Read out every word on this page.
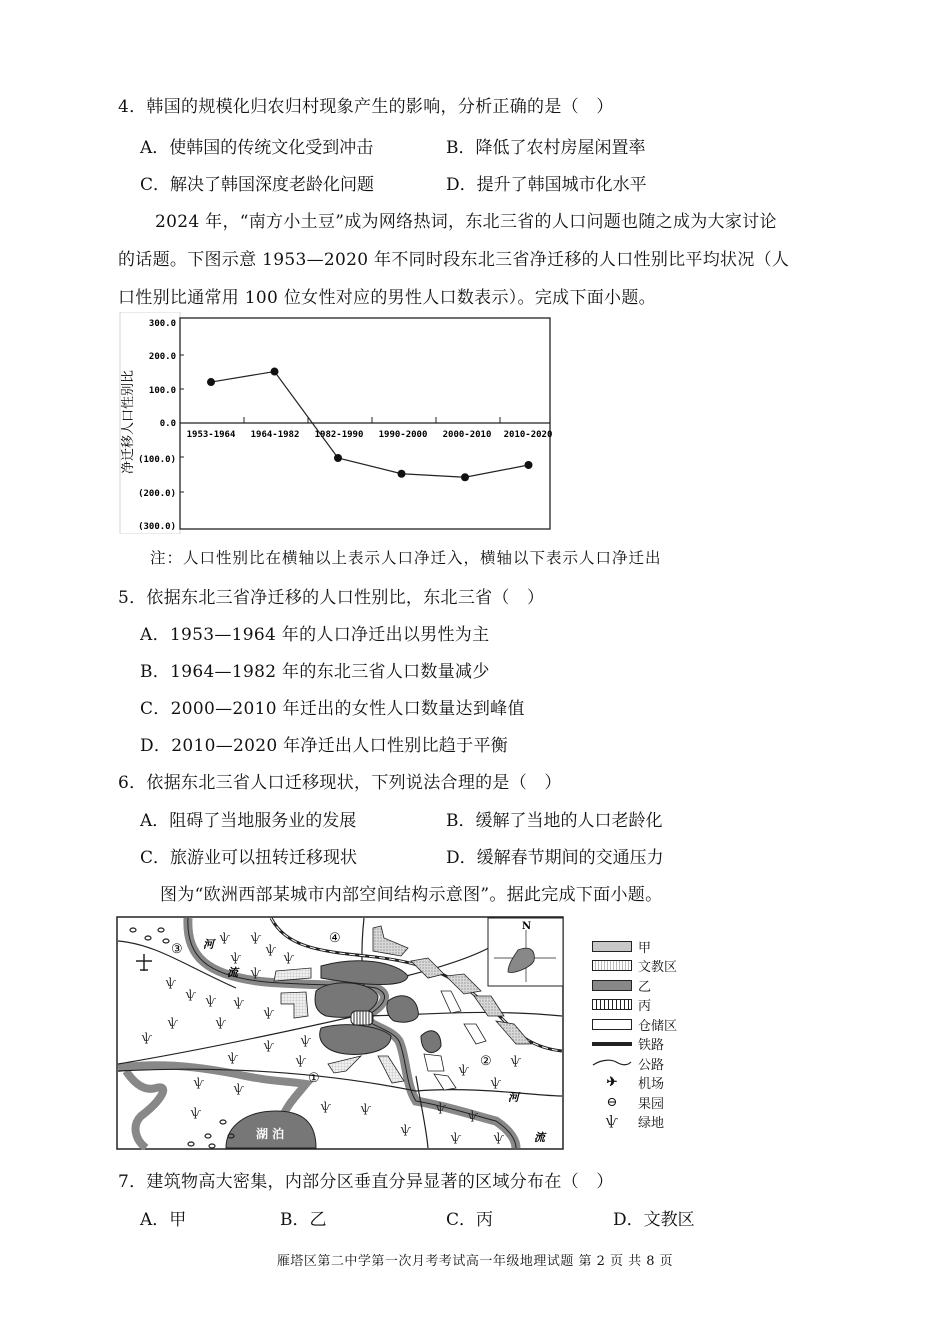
4．韩国的规模化归农归村现象产生的影响，分析正确的是（　）
A．使韩国的传统文化受到冲击	B．降低了农村房屋闲置率
C．解决了韩国深度老龄化问题	D．提升了韩国城市化水平
2024 年，“南方小土豆”成为网络热词，东北三省的人口问题也随之成为大家讨论
的话题。下图示意 1953—2020 年不同时段东北三省净迁移的人口性别比平均状况（人
口性别比通常用 100 位女性对应的男性人口数表示）。完成下面小题。
净迁移人口性别比
300.0
200.0
100.0
0.0
(100.0)
(200.0)
(300.0)
1953-1964 1964-1982 1982-1990 1990-2000 2000-2010 2010-2020
注：人口性别比在横轴以上表示人口净迁入，横轴以下表示人口净迁出
5．依据东北三省净迁移的人口性别比，东北三省（　）
A．1953—1964 年的人口净迁出以男性为主
B．1964—1982 年的东北三省人口数量减少
C．2000—2010 年迁出的女性人口数量达到峰值
D．2010—2020 年净迁出人口性别比趋于平衡
6．依据东北三省人口迁移现状，下列说法合理的是（　）
A．阻碍了当地服务业的发展	B．缓解了当地的人口老龄化
C．旅游业可以扭转迁移现状	D．缓解春节期间的交通压力
图为“欧洲西部某城市内部空间结构示意图”。据此完成下面小题。
湖 泊
N
河
流
河
流
③
④
①
②
ѱ ѱ
ѱ
ѱ
ѱ
ѱ
ѱ
ѱ ѱ ѱ
ѱ
ѱ	ѱ
ѱ	ѱ
ѱ
ѱ	ѱ
ѱ	ѱ
ѱ	ѱ	ѱ
ѱ
ѱ
ѱ
ѱ
ѱ
ѱ
ѱ	ѱ
甲
文教区
乙
丙
仓储区
铁路
公路
✈	机场
⊖	果园
ѱ	绿地
7．建筑物高大密集，内部分区垂直分异显著的区域分布在（　）
A．甲	B．乙	C．丙	D．文教区
雁塔区第二中学第一次月考考试高一年级地理试题 第 2 页 共 8 页
